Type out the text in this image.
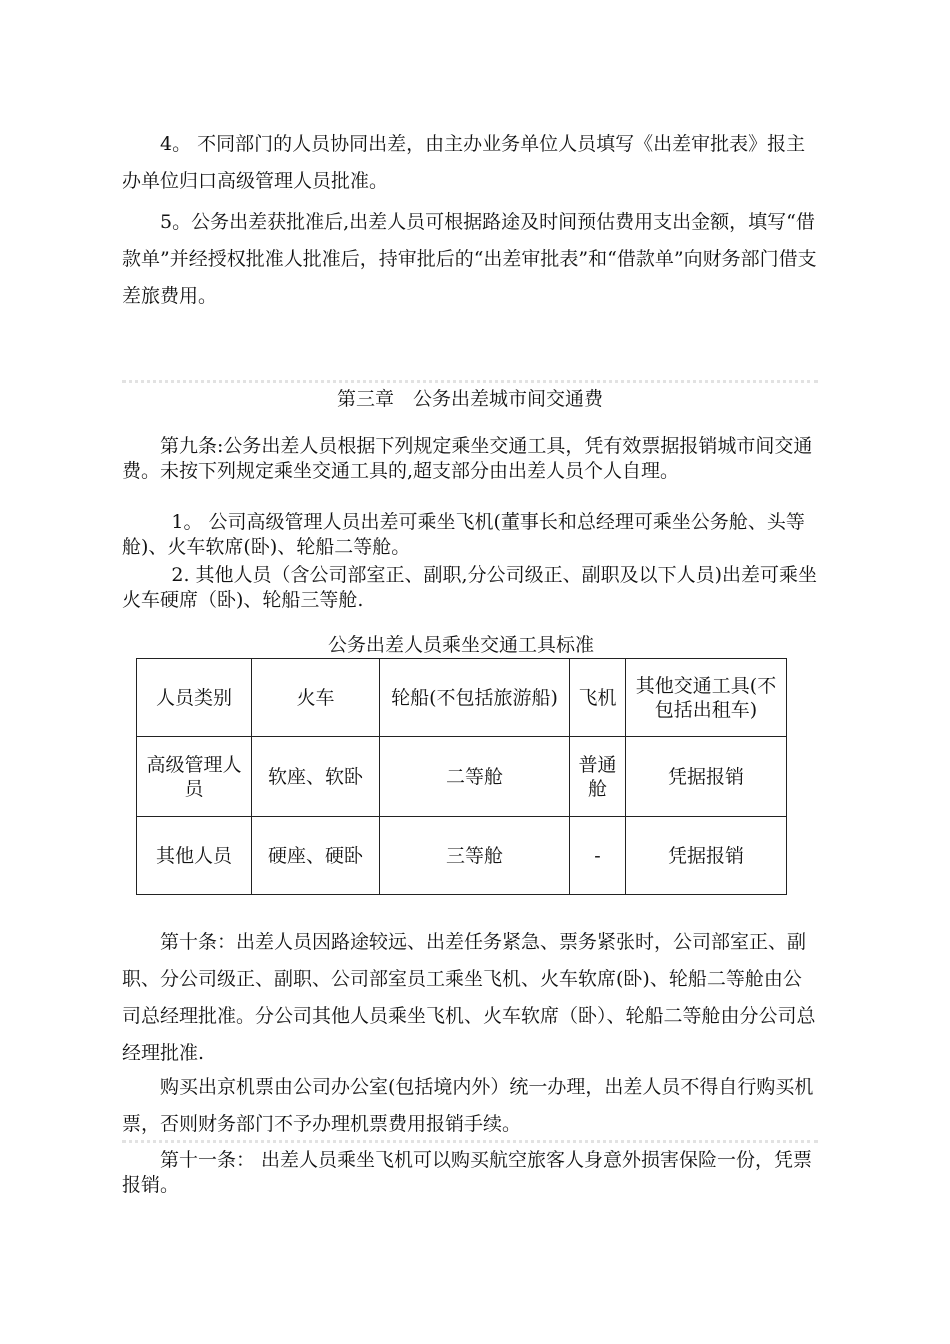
4。 不同部门的人员协同出差，由主办业务单位人员填写《出差审批表》报主办单位归口高级管理人员批准。

5。公务出差获批准后,出差人员可根据路途及时间预估费用支出金额，填写“借款单”并经授权批准人批准后，持审批后的“出差审批表”和“借款单”向财务部门借支差旅费用。

第三章　公务出差城市间交通费

第九条:公务出差人员根据下列规定乘坐交通工具，凭有效票据报销城市间交通费。未按下列规定乘坐交通工具的,超支部分由出差人员个人自理。

1。 公司高级管理人员出差可乘坐飞机(董事长和总经理可乘坐公务舱、头等舱)、火车软席(卧)、轮船二等舱。

2. 其他人员（含公司部室正、副职,分公司级正、副职及以下人员)出差可乘坐火车硬席（卧)、轮船三等舱.

公务出差人员乘坐交通工具标准
人员类别	火车	轮船(不包括旅游船)	飞机	其他交通工具(不包括出租车)
高级管理人员	软座、软卧	二等舱	普通舱	凭据报销
其他人员	硬座、硬卧	三等舱	-	凭据报销

第十条：出差人员因路途较远、出差任务紧急、票务紧张时，公司部室正、副职、分公司级正、副职、公司部室员工乘坐飞机、火车软席(卧)、轮船二等舱由公司总经理批准。分公司其他人员乘坐飞机、火车软席（卧）、轮船二等舱由分公司总经理批准.

购买出京机票由公司办公室(包括境内外）统一办理，出差人员不得自行购买机票，否则财务部门不予办理机票费用报销手续。

第十一条： 出差人员乘坐飞机可以购买航空旅客人身意外损害保险一份，凭票报销。
